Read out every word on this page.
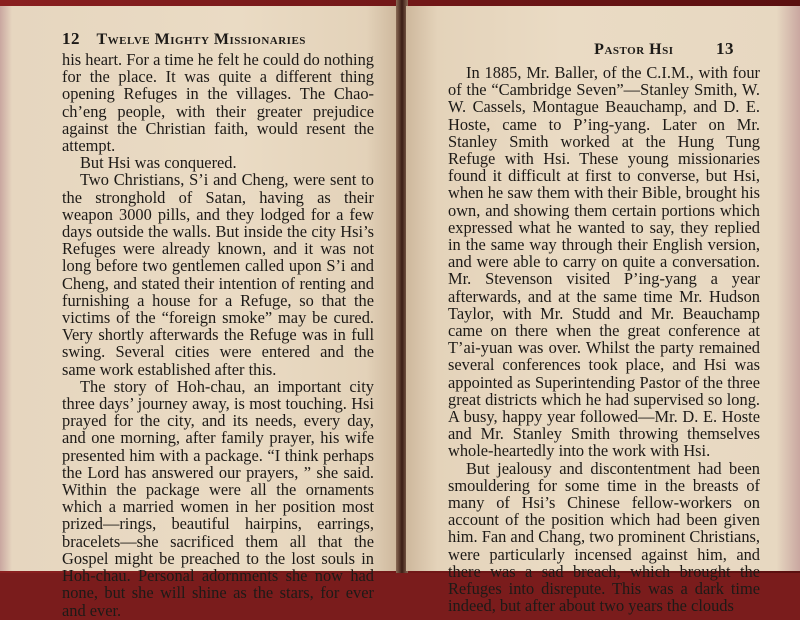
12 Twelve Mighty Missionaries

his heart. For a time he felt he could do nothing for the place. It was quite a different thing opening Refuges in the villages. The Chao-ch’eng people, with their greater prejudice against the Christian faith, would resent the attempt.

But Hsi was conquered.

Two Christians, S’i and Cheng, were sent to the stronghold of Satan, having as their weapon 3000 pills, and they lodged for a few days outside the walls. But inside the city Hsi’s Refuges were already known, and it was not long before two gentlemen called upon S’i and Cheng, and stated their intention of renting and furnishing a house for a Refuge, so that the victims of the “foreign smoke” may be cured. Very shortly afterwards the Refuge was in full swing. Several cities were entered and the same work established after this.

The story of Hoh-chau, an important city three days’ journey away, is most touching. Hsi prayed for the city, and its needs, every day, and one morning, after family prayer, his wife presented him with a package. “I think perhaps the Lord has answered our prayers, ” she said. Within the package were all the ornaments which a married women in her position most prized—rings, beautiful hairpins, earrings, bracelets—she sacrificed them all that the Gospel might be preached to the lost souls in Hoh-chau. Personal adornments she now had none, but she will shine as the stars, for ever and ever.

Pastor Hsi	13

In 1885, Mr. Baller, of the C.I.M., with four of the “Cambridge Seven”—Stanley Smith, W. W. Cassels, Montague Beauchamp, and D. E. Hoste, came to P’ing-yang. Later on Mr. Stanley Smith worked at the Hung Tung Refuge with Hsi. These young missionaries found it difficult at first to converse, but Hsi, when he saw them with their Bible, brought his own, and showing them certain portions which expressed what he wanted to say, they replied in the same way through their English version, and were able to carry on quite a conversation. Mr. Stevenson visited P’ing-yang a year afterwards, and at the same time Mr. Hudson Taylor, with Mr. Studd and Mr. Beauchamp came on there when the great conference at T’ai-yuan was over. Whilst the party remained several conferences took place, and Hsi was appointed as Superintending Pastor of the three great districts which he had supervised so long. A busy, happy year followed—Mr. D. E. Hoste and Mr. Stanley Smith throwing themselves whole-heartedly into the work with Hsi.

But jealousy and discontentment had been smouldering for some time in the breasts of many of Hsi’s Chinese fellow-workers on account of the position which had been given him. Fan and Chang, two prominent Christians, were particularly incensed against him, and there was a sad breach, which brought the Refuges into disrepute. This was a dark time indeed, but after about two years the clouds
